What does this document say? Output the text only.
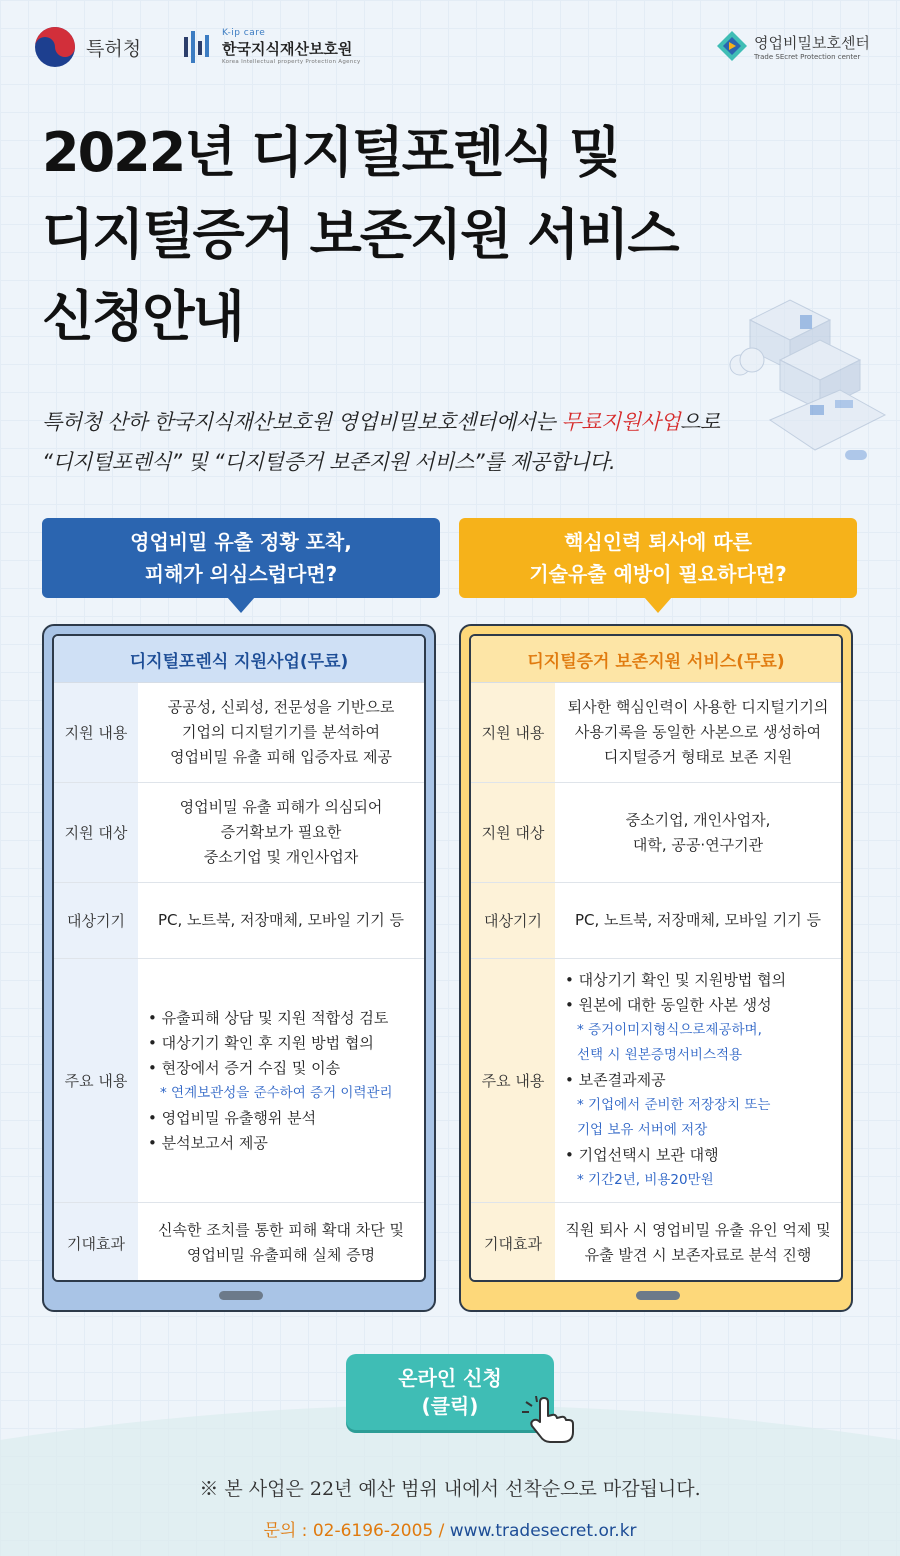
특허청
K-ip care
한국지식재산보호원
Korea Intellectual property Protection Agency
영업비밀보호센터
Trade SEcret Protection center
2022년 디지털포렌식 및
디지털증거 보존지원 서비스
신청안내
특허청 산하 한국지식재산보호원 영업비밀보호센터에서는 무료지원사업으로
“디지털포렌식” 및 “디지털증거 보존지원 서비스”를 제공합니다.
영업비밀 유출 정황 포착,
피해가 의심스럽다면?
핵심인력 퇴사에 따른
기술유출 예방이 필요하다면?
디지털포렌식 지원사업(무료)
지원 내용
공공성, 신뢰성, 전문성을 기반으로
기업의 디지털기기를 분석하여
영업비밀 유출 피해 입증자료 제공
지원 대상
영업비밀 유출 피해가 의심되어
증거확보가 필요한
중소기업 및 개인사업자
대상기기	PC, 노트북, 저장매체, 모바일 기기 등
주요 내용
• 유출피해 상담 및 지원 적합성 검토
• 대상기기 확인 후 지원 방법 협의
• 현장에서 증거 수집 및 이송
* 연계보관성을 준수하여 증거 이력관리
• 영업비밀 유출행위 분석
• 분석보고서 제공
기대효과
신속한 조치를 통한 피해 확대 차단 및
영업비밀 유출피해 실체 증명
디지털증거 보존지원 서비스(무료)
지원 내용
퇴사한 핵심인력이 사용한 디지털기기의
사용기록을 동일한 사본으로 생성하여
디지털증거 형태로 보존 지원
지원 대상
중소기업, 개인사업자,
대학, 공공·연구기관
대상기기	PC, 노트북, 저장매체, 모바일 기기 등
주요 내용
• 대상기기 확인 및 지원방법 협의
• 원본에 대한 동일한 사본 생성
* 증거이미지형식으로제공하며,
선택 시 원본증명서비스적용
• 보존결과제공
* 기업에서 준비한 저장장치 또는
기업 보유 서버에 저장
• 기업선택시 보관 대행
* 기간2년, 비용20만원
기대효과
직원 퇴사 시 영업비밀 유출 유인 억제 및
유출 발견 시 보존자료로 분석 진행
온라인 신청
(클릭)
※ 본 사업은 22년 예산 범위 내에서 선착순으로 마감됩니다.
문의 : 02-6196-2005 / www.tradesecret.or.kr
